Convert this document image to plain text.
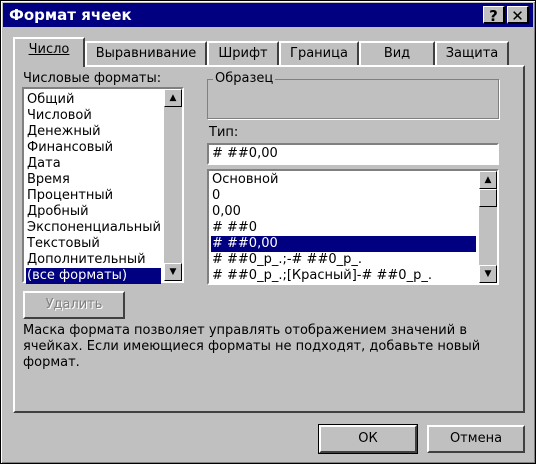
Формат ячеек	? ✕
Число	Выравнивание	Шрифт	Граница	Вид	Защита
Числовые форматы:
Общий
Числовой
Денежный
Финансовый
Дата
Время
Процентный
Дробный
Экспоненциальный
Текстовый
Дополнительный
(все форматы)
▲
▼
Образец
Тип:
# ##0,00
Основной
0
0,00
# ##0
# ##0,00
# ##0_р_.;-# ##0_р_.
# ##0_р_.;[Красный]-# ##0_р_.
▲
▼
Удалить
Маска формата позволяет управлять отображением значений в ячейках. Если имеющиеся форматы не подходят, добавьте новый формат.
ОК	Отмена
